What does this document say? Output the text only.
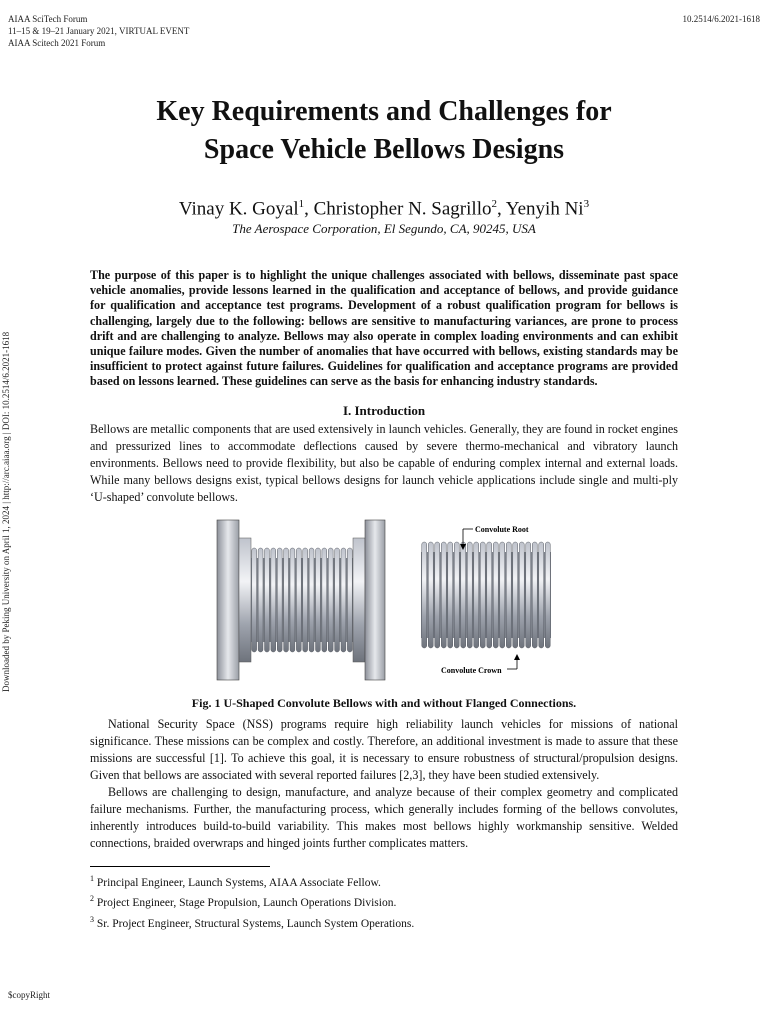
AIAA SciTech Forum
11–15 & 19–21 January 2021, VIRTUAL EVENT
AIAA Scitech 2021 Forum
10.2514/6.2021-1618
Downloaded by Peking University on April 1, 2024 | http://arc.aiaa.org | DOI: 10.2514/6.2021-1618
$copyRight
Key Requirements and Challenges for
Space Vehicle Bellows Designs
Vinay K. Goyal$^1$, Christopher N. Sagrillo$^2$, Yenyih Ni$^3$
The Aerospace Corporation, El Segundo, CA, 90245, USA
The purpose of this paper is to highlight the unique challenges associated with bellows, disseminate past space vehicle anomalies, provide lessons learned in the qualification and acceptance of bellows, and provide guidance for qualification and acceptance test programs. Development of a robust qualification program for bellows is challenging, largely due to the following: bellows are sensitive to manufacturing variances, are prone to process drift and are challenging to analyze. Bellows may also operate in complex loading environments and can exhibit unique failure modes. Given the number of anomalies that have occurred with bellows, existing standards may be insufficient to protect against future failures. Guidelines for qualification and acceptance programs are provided based on lessons learned. These guidelines can serve as the basis for enhancing industry standards.
I. Introduction
Bellows are metallic components that are used extensively in launch vehicles. Generally, they are found in rocket engines and pressurized lines to accommodate deflections caused by severe thermo-mechanical and vibratory launch environments. Bellows need to provide flexibility, but also be capable of enduring complex internal and external loads. While many bellows designs exist, typical bellows designs for launch vehicle applications include single and multi-ply ‘U-shaped’ convolute bellows.
Convolute Root
Convolute Crown
Fig. 1 U-Shaped Convolute Bellows with and without Flanged Connections.
National Security Space (NSS) programs require high reliability launch vehicles for missions of national significance. These missions can be complex and costly. Therefore, an additional investment is made to assure that these missions are successful [1]. To achieve this goal, it is necessary to ensure robustness of structural/propulsion designs. Given that bellows are associated with several reported failures [2,3], they have been studied extensively.
Bellows are challenging to design, manufacture, and analyze because of their complex geometry and complicated failure mechanisms. Further, the manufacturing process, which generally includes forming of the bellows convolutes, inherently introduces build-to-build variability. This makes most bellows highly workmanship sensitive. Welded connections, braided overwraps and hinged joints further complicates matters.
$^1$ Principal Engineer, Launch Systems, AIAA Associate Fellow.
$^2$ Project Engineer, Stage Propulsion, Launch Operations Division.
$^3$ Sr. Project Engineer, Structural Systems, Launch System Operations.
